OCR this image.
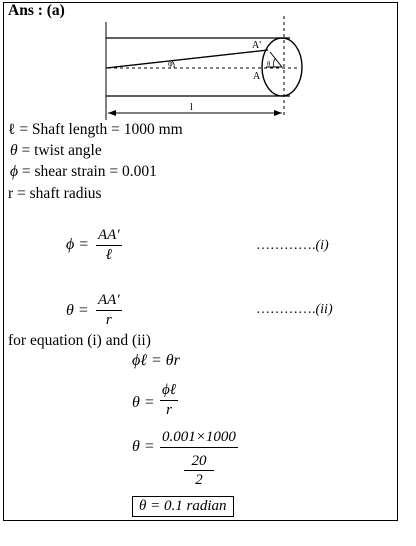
Ans : (a)
A'
A
φ	θ
l
ℓ = Shaft length = 1000 mm
θ = twist angle
ϕ = shear strain = 0.001
r = shaft radius
ϕ =
AA'
ℓ
………….(i)
$\theta = \frac{AA'}{r}$	………….(ii)
for equation (i) and (ii)
ϕℓ = θr
θ =
ϕℓ
r
$\theta = \frac{0.001\times 1000}{\frac{20}{2}}$
θ = 0.1 radian
